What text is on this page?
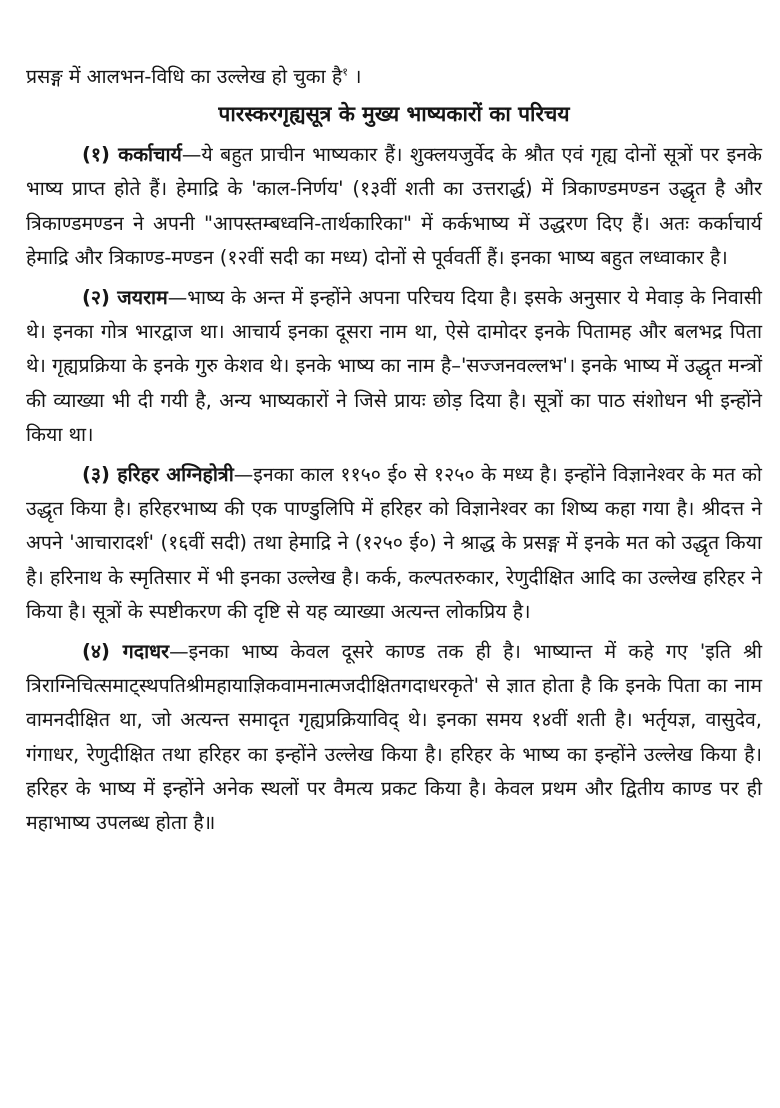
प्रसङ्ग में आलभन-विधि का उल्लेख हो चुका है$^१$ ।

पारस्करगृह्यसूत्र के मुख्य भाष्यकारों का परिचय

(१) कर्काचार्य—ये बहुत प्राचीन भाष्यकार हैं। शुक्लयजुर्वेद के श्रौत एवं गृह्य दोनों सूत्रों पर इनके भाष्य प्राप्त होते हैं। हेमाद्रि के 'काल-निर्णय' (१३वीं शती का उत्तरार्द्ध) में त्रिकाण्डमण्डन उद्धृत है और त्रिकाण्डमण्डन ने अपनी "आपस्तम्बध्वनि-तार्थकारिका" में कर्कभाष्य में उद्धरण दिए हैं। अतः कर्काचार्य हेमाद्रि और त्रिकाण्ड-मण्डन (१२वीं सदी का मध्य) दोनों से पूर्ववर्ती हैं। इनका भाष्य बहुत लध्वाकार है।

(२) जयराम—भाष्य के अन्त में इन्होंने अपना परिचय दिया है। इसके अनुसार ये मेवाड़ के निवासी थे। इनका गोत्र भारद्वाज था। आचार्य इनका दूसरा नाम था, ऐसे दामोदर इनके पितामह और बलभद्र पिता थे। गृह्यप्रक्रिया के इनके गुरु केशव थे। इनके भाष्य का नाम है–'सज्जनवल्लभ'। इनके भाष्य में उद्धृत मन्त्रों की व्याख्या भी दी गयी है, अन्य भाष्यकारों ने जिसे प्रायः छोड़ दिया है। सूत्रों का पाठ संशोधन भी इन्होंने किया था।

(३) हरिहर अग्निहोत्री—इनका काल ११५० ई० से १२५० के मध्य है। इन्होंने विज्ञानेश्वर के मत को उद्धृत किया है। हरिहरभाष्य की एक पाण्डुलिपि में हरिहर को विज्ञानेश्वर का शिष्य कहा गया है। श्रीदत्त ने अपने 'आचारादर्श' (१६वीं सदी) तथा हेमाद्रि ने (१२५० ई०) ने श्राद्ध के प्रसङ्ग में इनके मत को उद्धृत किया है। हरिनाथ के स्मृतिसार में भी इनका उल्लेख है। कर्क, कल्पतरुकार, रेणुदीक्षित आदि का उल्लेख हरिहर ने किया है। सूत्रों के स्पष्टीकरण की दृष्टि से यह व्याख्या अत्यन्त लोकप्रिय है।

(४) गदाधर—इनका भाष्य केवल दूसरे काण्ड तक ही है। भाष्यान्त में कहे गए 'इति श्री त्रिराग्निचित्समाट्स्थपतिश्रीमहायाज्ञिकवामनात्मजदीक्षितगदाधरकृते' से ज्ञात होता है कि इनके पिता का नाम वामनदीक्षित था, जो अत्यन्त समादृत गृह्यप्रक्रियाविद् थे। इनका समय १४वीं शती है। भर्तृयज्ञ, वासुदेव, गंगाधर, रेणुदीक्षित तथा हरिहर का इन्होंने उल्लेख किया है। हरिहर के भाष्य का इन्होंने उल्लेख किया है। हरिहर के भाष्य में इन्होंने अनेक स्थलों पर वैमत्य प्रकट किया है। केवल प्रथम और द्वितीय काण्ड पर ही महाभाष्य उपलब्ध होता है॥
